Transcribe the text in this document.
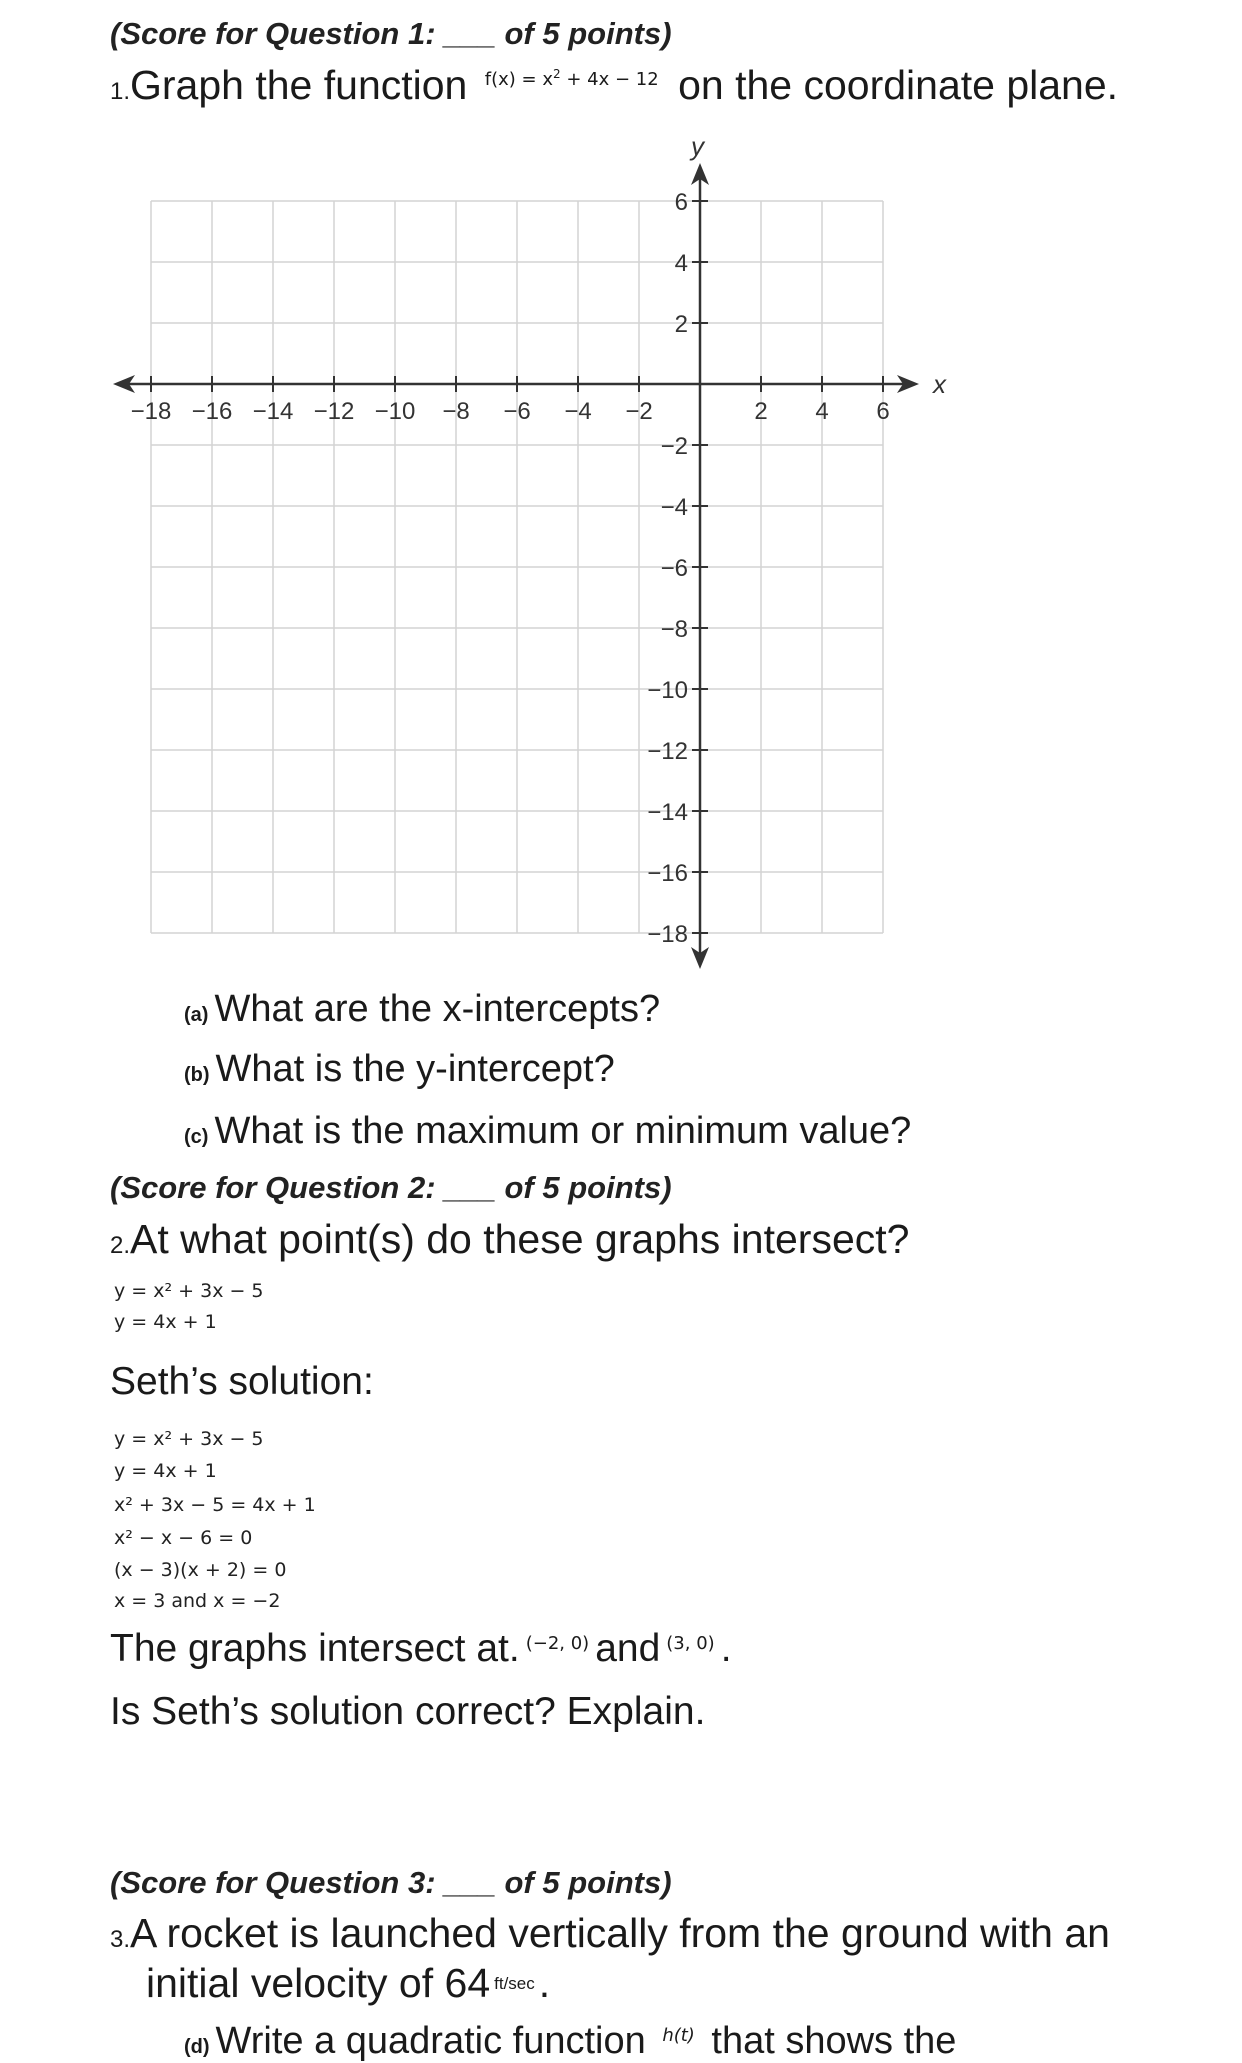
(Score for Question 1: ___ of 5 points)
1.Graph the function $^{f(x) = x^2 + 4x - 12}$ on the coordinate plane.
x
y
−18 −16 −14 −12 −10 −8 −6 −4 −2	2 4 6
6
4
2
−2
−4
−6
−8
−10
−12
−14
−16
−18
(a) What are the x-intercepts?
(b) What is the y-intercept?
(c) What is the maximum or minimum value?
(Score for Question 2: ___ of 5 points)
2.At what point(s) do these graphs intersect?
y = x² + 3x − 5
y = 4x + 1
Seth’s solution:
y = x² + 3x − 5
y = 4x + 1
x² + 3x − 5 = 4x + 1
x² − x − 6 = 0
(x − 3)(x + 2) = 0
x = 3 and x = −2
The graphs intersect at. $^{(-2, 0)}$ and $^{(3, 0)}$ .
Is Seth’s solution correct? Explain.
(Score for Question 3: ___ of 5 points)
3.A rocket is launched vertically from the ground with an
initial velocity of 64 ft/sec.
(d) Write a quadratic function $^{h(t)}$ that shows the
